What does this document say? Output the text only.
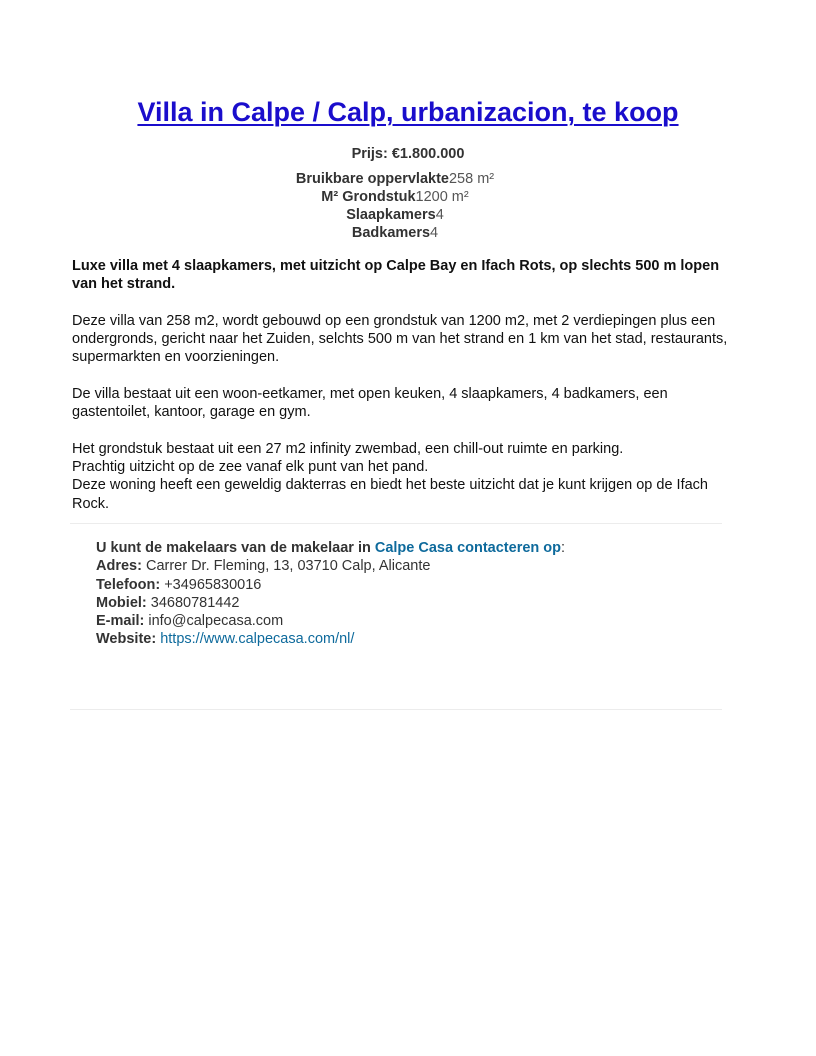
Villa in Calpe / Calp, urbanizacion, te koop
Prijs: €1.800.000
Bruikbare oppervlakte258 m²
M² Grondstuk1200 m²
Slaapkamers4
Badkamers4

Luxe villa met 4 slaapkamers, met uitzicht op Calpe Bay en Ifach Rots, op slechts 500 m lopen van het strand.

Deze villa van 258 m2, wordt gebouwd op een grondstuk van 1200 m2, met 2 verdiepingen plus een ondergronds, gericht naar het Zuiden, selchts 500 m van het strand en 1 km van het stad, restaurants, supermarkten en voorzieningen.

De villa bestaat uit een woon-eetkamer, met open keuken, 4 slaapkamers, 4 badkamers, een gastentoilet, kantoor, garage en gym.

Het grondstuk bestaat uit een 27 m2 infinity zwembad, een chill-out ruimte en parking.
Prachtig uitzicht op de zee vanaf elk punt van het pand.
Deze woning heeft een geweldig dakterras en biedt het beste uitzicht dat je kunt krijgen op de Ifach Rock.

U kunt de makelaars van de makelaar in Calpe Casa contacteren op:
Adres: Carrer Dr. Fleming, 13, 03710 Calp, Alicante
Telefoon: +34965830016
Mobiel: 34680781442
E-mail: info@calpecasa.com
Website: https://www.calpecasa.com/nl/
